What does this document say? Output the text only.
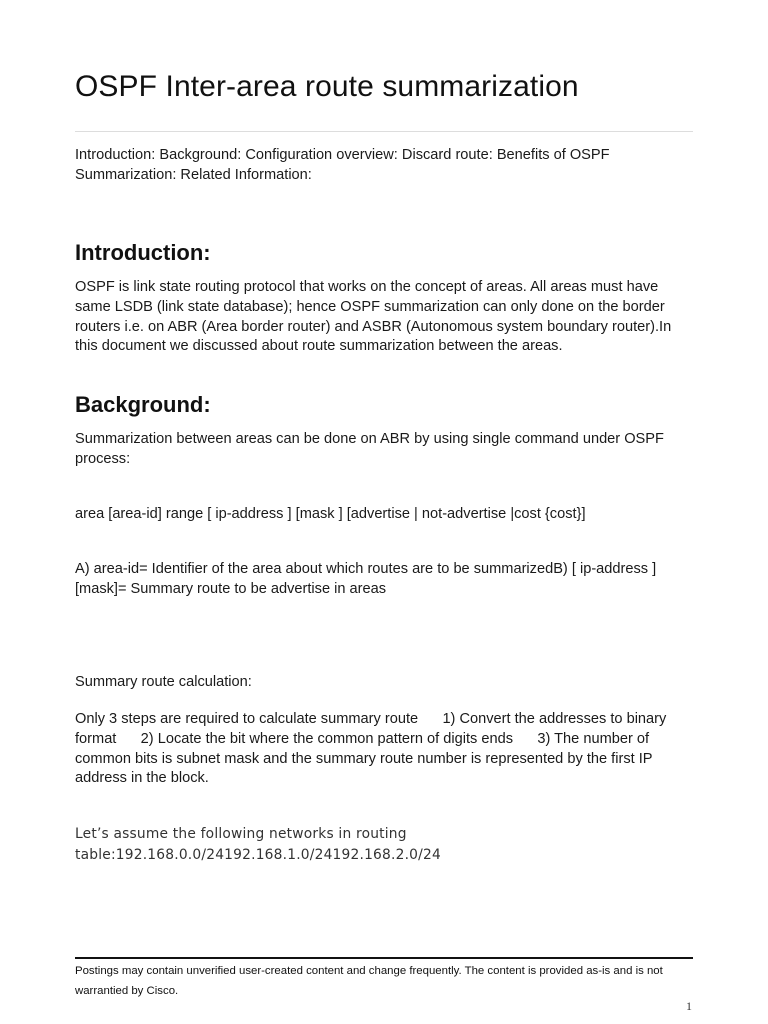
OSPF Inter-area route summarization

Introduction: Background: Configuration overview: Discard route: Benefits of OSPF Summarization: Related Information:

Introduction:

OSPF is link state routing protocol that works on the concept of areas. All areas must have same LSDB (link state database); hence OSPF summarization can only done on the border routers i.e. on ABR (Area border router) and ASBR (Autonomous system boundary router).In this document we discussed about route summarization between the areas.

Background:

Summarization between areas can be done on ABR by using single command under OSPF process:

area [area-id] range [ ip-address ] [mask ] [advertise | not-advertise |cost {cost}]

A) area-id= Identifier of the area about which routes are to be summarizedB) [ ip-address ] [mask]= Summary route to be advertise in areas

Summary route calculation:

Only 3 steps are required to calculate summary route      1) Convert the addresses to binary format      2) Locate the bit where the common pattern of digits ends      3) The number of common bits is subnet mask and the summary route number is represented by the first IP address in the block.

Let’s assume the following networks in routing table:192.168.0.0/24192.168.1.0/24192.168.2.0/24

Postings may contain unverified user-created content and change frequently. The content is provided as-is and is not warrantied by Cisco.

1
